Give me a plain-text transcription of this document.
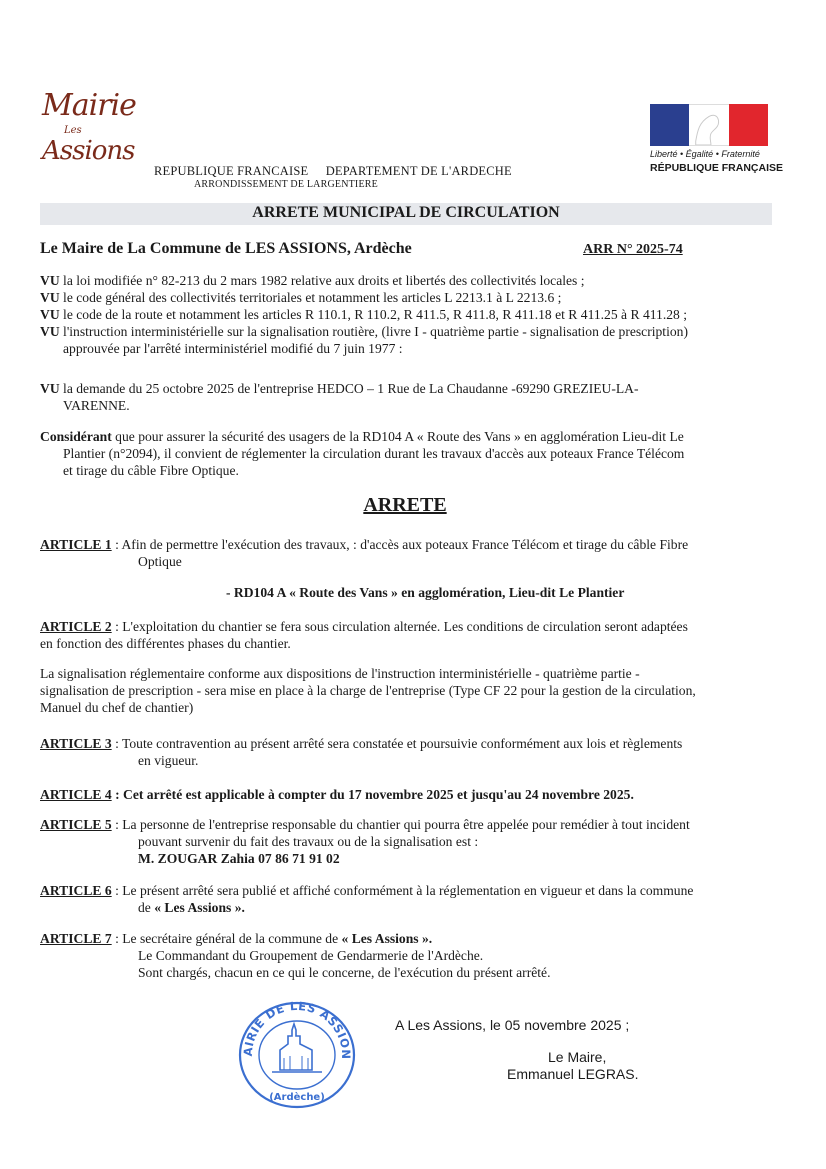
Mairie
Les
Assions
REPUBLIQUE FRANCAISE DEPARTEMENT DE L'ARDECHE
ARRONDISSEMENT DE LARGENTIERE
Liberté • Égalité • Fraternité
RÉPUBLIQUE FRANÇAISE
ARRETE MUNICIPAL DE CIRCULATION
Le Maire de La Commune de LES ASSIONS, Ardèche	ARR N° 2025-74
VU la loi modifiée n° 82-213 du 2 mars 1982 relative aux droits et libertés des collectivités locales ;
VU le code général des collectivités territoriales et notamment les articles L 2213.1 à L 2213.6 ;
VU le code de la route et notamment les articles R 110.1, R 110.2, R 411.5, R 411.8, R 411.18 et R 411.25 à R 411.28 ;
VU l'instruction interministérielle sur la signalisation routière, (livre I - quatrième partie - signalisation de prescription)
approuvée par l'arrêté interministériel modifié du 7 juin 1977 :
VU la demande du 25 octobre 2025 de l'entreprise HEDCO – 1 Rue de La Chaudanne -69290 GREZIEU-LA-
VARENNE.
Considérant que pour assurer la sécurité des usagers de la RD104 A « Route des Vans » en agglomération Lieu-dit Le
Plantier (n°2094), il convient de réglementer la circulation durant les travaux d'accès aux poteaux France Télécom
et tirage du câble Fibre Optique.
ARRETE
ARTICLE 1 : Afin de permettre l'exécution des travaux, : d'accès aux poteaux France Télécom et tirage du câble Fibre
Optique
- RD104 A « Route des Vans » en agglomération, Lieu-dit Le Plantier
ARTICLE 2 : L'exploitation du chantier se fera sous circulation alternée. Les conditions de circulation seront adaptées
en fonction des différentes phases du chantier.
La signalisation réglementaire conforme aux dispositions de l'instruction interministérielle - quatrième partie -
signalisation de prescription - sera mise en place à la charge de l'entreprise (Type CF 22 pour la gestion de la circulation,
Manuel du chef de chantier)
ARTICLE 3 : Toute contravention au présent arrêté sera constatée et poursuivie conformément aux lois et règlements
en vigueur.
ARTICLE 4 : Cet arrêté est applicable à compter du 17 novembre 2025 et jusqu'au 24 novembre 2025.
ARTICLE 5 : La personne de l'entreprise responsable du chantier qui pourra être appelée pour remédier à tout incident
pouvant survenir du fait des travaux ou de la signalisation est :
M. ZOUGAR Zahia 07 86 71 91 02
ARTICLE 6 : Le présent arrêté sera publié et affiché conformément à la réglementation en vigueur et dans la commune
de « Les Assions ».
ARTICLE 7 : Le secrétaire général de la commune de « Les Assions ».
Le Commandant du Groupement de Gendarmerie de l'Ardèche.
Sont chargés, chacun en ce qui le concerne, de l'exécution du présent arrêté.
AIRIE DE LES ASSION
(Ardèche)
A Les Assions, le 05 novembre 2025 ;
Le Maire,
Emmanuel LEGRAS.
